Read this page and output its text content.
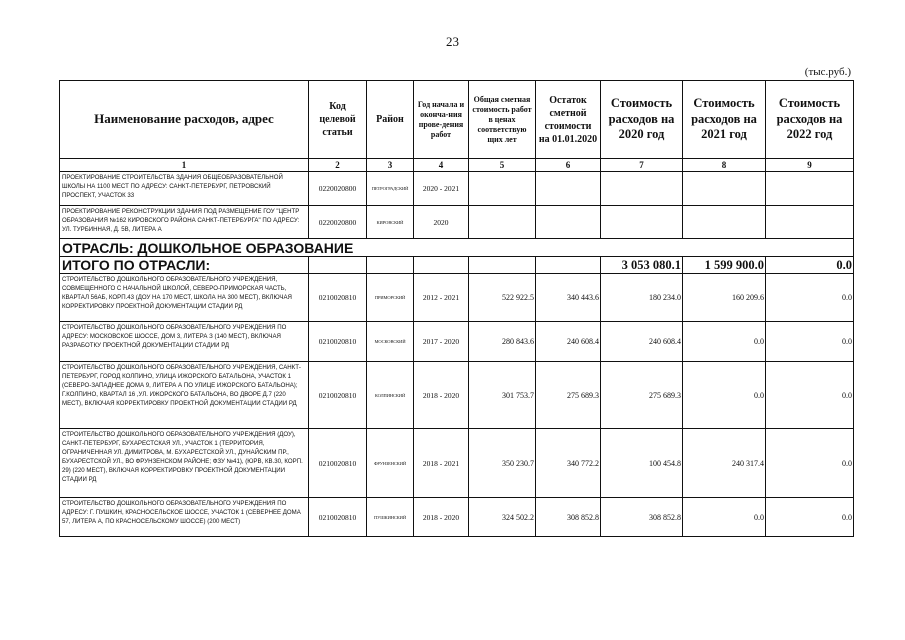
23
(тыс.руб.)
Наименование расходов, адрес	Код целевой статьи	Район	Год начала и оконча-ния прове-дения работ	Общая сметная стоимость работ в ценах соответствую щих лет	Остаток сметной стоимости на 01.01.2020	Стоимость расходов на 2020 год	Стоимость расходов на 2021 год	Стоимость расходов на 2022 год
1	2	3	4	5	6	7	8	9
ПРОЕКТИРОВАНИЕ СТРОИТЕЛЬСТВА ЗДАНИЯ ОБЩЕОБРАЗОВАТЕЛЬНОЙ ШКОЛЫ НА 1100 МЕСТ ПО АДРЕСУ: САНКТ-ПЕТЕРБУРГ, ПЕТРОВСКИЙ ПРОСПЕКТ, УЧАСТОК 33	0220020800	ПЕТРОГРАДСКИЙ	2020 - 2021					
ПРОЕКТИРОВАНИЕ РЕКОНСТРУКЦИИ ЗДАНИЯ ПОД РАЗМЕЩЕНИЕ ГОУ "ЦЕНТР ОБРАЗОВАНИЯ №162 КИРОВСКОГО РАЙОНА САНКТ-ПЕТЕРБУРГА" ПО АДРЕСУ: УЛ. ТУРБИННАЯ, Д. 5В, ЛИТЕРА А	0220020800	КИРОВСКИЙ	2020					
ОТРАСЛЬ: ДОШКОЛЬНОЕ ОБРАЗОВАНИЕ								
ИТОГО ПО ОТРАСЛИ:						3 053 080.1	1 599 900.0	0.0
СТРОИТЕЛЬСТВО ДОШКОЛЬНОГО ОБРАЗОВАТЕЛЬНОГО УЧРЕЖДЕНИЯ, СОВМЕЩЕННОГО С НАЧАЛЬНОЙ ШКОЛОЙ, СЕВЕРО-ПРИМОРСКАЯ ЧАСТЬ, КВАРТАЛ 56АБ, КОРП.43 (ДОУ НА 170 МЕСТ, ШКОЛА НА 300 МЕСТ), ВКЛЮЧАЯ КОРРЕКТИРОВКУ ПРОЕКТНОЙ ДОКУМЕНТАЦИИ СТАДИИ РД	0210020810	ПРИМОРСКИЙ	2012 - 2021	522 922.5	340 443.6	180 234.0	160 209.6	0.0
СТРОИТЕЛЬСТВО ДОШКОЛЬНОГО ОБРАЗОВАТЕЛЬНОГО УЧРЕЖДЕНИЯ ПО АДРЕСУ: МОСКОВСКОЕ ШОССЕ, ДОМ 3, ЛИТЕРА З (140 МЕСТ), ВКЛЮЧАЯ РАЗРАБОТКУ ПРОЕКТНОЙ ДОКУМЕНТАЦИИ СТАДИИ РД	0210020810	МОСКОВСКИЙ	2017 - 2020	280 843.6	240 608.4	240 608.4	0.0	0.0
СТРОИТЕЛЬСТВО ДОШКОЛЬНОГО ОБРАЗОВАТЕЛЬНОГО УЧРЕЖДЕНИЯ, САНКТ-ПЕТЕРБУРГ, ГОРОД КОЛПИНО, УЛИЦА ИЖОРСКОГО БАТАЛЬОНА, УЧАСТОК 1 (СЕВЕРО-ЗАПАДНЕЕ ДОМА 9, ЛИТЕРА А ПО УЛИЦЕ ИЖОРСКОГО БАТАЛЬОНА); Г.КОЛПИНО, КВАРТАЛ 16 ,УЛ. ИЖОРСКОГО БАТАЛЬОНА, ВО ДВОРЕ Д.7 (220 МЕСТ), ВКЛЮЧАЯ КОРРЕКТИРОВКУ ПРОЕКТНОЙ ДОКУМЕНТАЦИИ СТАДИИ РД	0210020810	КОЛПИНСКИЙ	2018 - 2020	301 753.7	275 689.3	275 689.3	0.0	0.0
СТРОИТЕЛЬСТВО ДОШКОЛЬНОГО ОБРАЗОВАТЕЛЬНОГО УЧРЕЖДЕНИЯ (ДОУ), САНКТ-ПЕТЕРБУРГ, БУХАРЕСТСКАЯ УЛ., УЧАСТОК 1 (ТЕРРИТОРИЯ, ОГРАНИЧЕННАЯ УЛ. ДИМИТРОВА, М. БУХАРЕСТСКОЙ УЛ., ДУНАЙСКИМ ПР., БУХАРЕСТСКОЙ УЛ., ВО ФРУНЗЕНСКОМ РАЙОНЕ; ФЗУ №41), (ЮРВ, КВ.30, КОРП. 29) (220 МЕСТ), ВКЛЮЧАЯ КОРРЕКТИРОВКУ ПРОЕКТНОЙ ДОКУМЕНТАЦИИ СТАДИИ РД	0210020810	ФРУНЗЕНСКИЙ	2018 - 2021	350 230.7	340 772.2	100 454.8	240 317.4	0.0
СТРОИТЕЛЬСТВО ДОШКОЛЬНОГО ОБРАЗОВАТЕЛЬНОГО УЧРЕЖДЕНИЯ ПО АДРЕСУ: Г. ПУШКИН, КРАСНОСЕЛЬСКОЕ ШОССЕ, УЧАСТОК 1 (СЕВЕРНЕЕ ДОМА 57, ЛИТЕРА А, ПО КРАСНОСЕЛЬСКОМУ ШОССЕ) (200 МЕСТ)	0210020810	ПУШКИНСКИЙ	2018 - 2020	324 502.2	308 852.8	308 852.8	0.0	0.0
